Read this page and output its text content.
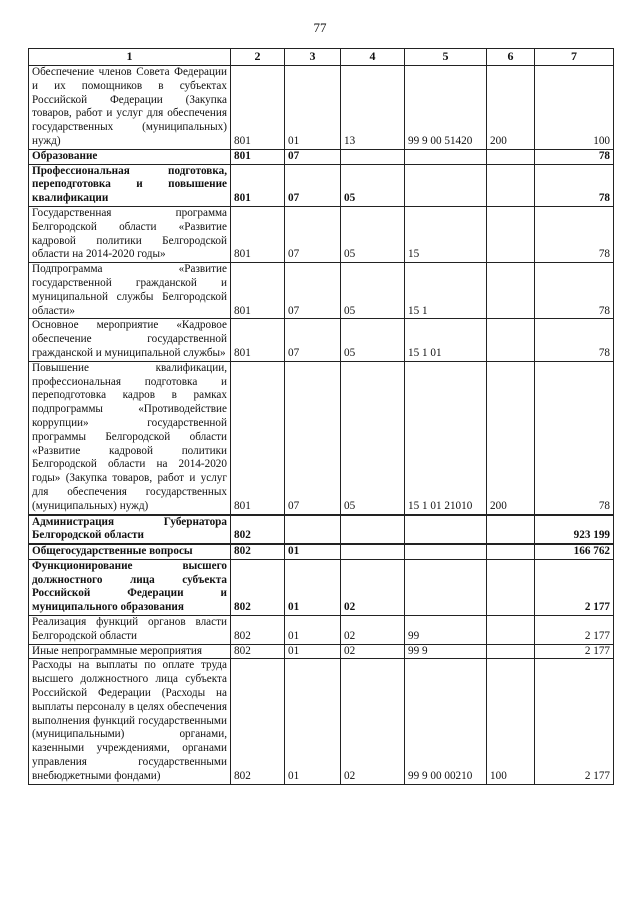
77
1	2	3	4	5	6	7
Обеспечение членов Совета Федерации и их помощников в субъектах Российской Федерации (Закупка товаров, работ и услуг для обеспечения государственных (муниципальных) нужд)	801	01	13	99 9 00 51420	200	100
Образование	801	07				78
Профессиональная подготовка, переподготовка и повышение квалификации	801	07	05			78
Государственная программа Белгородской области «Развитие кадровой политики Белгородской области на 2014-2020 годы»	801	07	05	15		78
Подпрограмма «Развитие государственной гражданской и муниципальной службы Белгородской области»	801	07	05	15 1		78
Основное мероприятие «Кадровое обеспечение государственной гражданской и муниципальной службы»	801	07	05	15 1 01		78
Повышение квалификации, профессиональная подготовка и переподготовка кадров в рамках подпрограммы «Противодействие коррупции» государственной программы Белгородской области «Развитие кадровой политики Белгородской области на 2014-2020 годы» (Закупка товаров, работ и услуг для обеспечения государственных (муниципальных) нужд)	801	07	05	15 1 01 21010	200	78
Администрация Губернатора Белгородской области	802					923 199
Общегосударственные вопросы	802	01				166 762
Функционирование высшего должностного лица субъекта Российской Федерации и муниципального образования	802	01	02			2 177
Реализация функций органов власти Белгородской области	802	01	02	99		2 177
Иные непрограммные мероприятия	802	01	02	99 9		2 177
Расходы на выплаты по оплате труда высшего должностного лица субъекта Российской Федерации (Расходы на выплаты персоналу в целях обеспечения выполнения функций государственными (муниципальными) органами, казенными учреждениями, органами управления государственными внебюджетными фондами)	802	01	02	99 9 00 00210	100	2 177
